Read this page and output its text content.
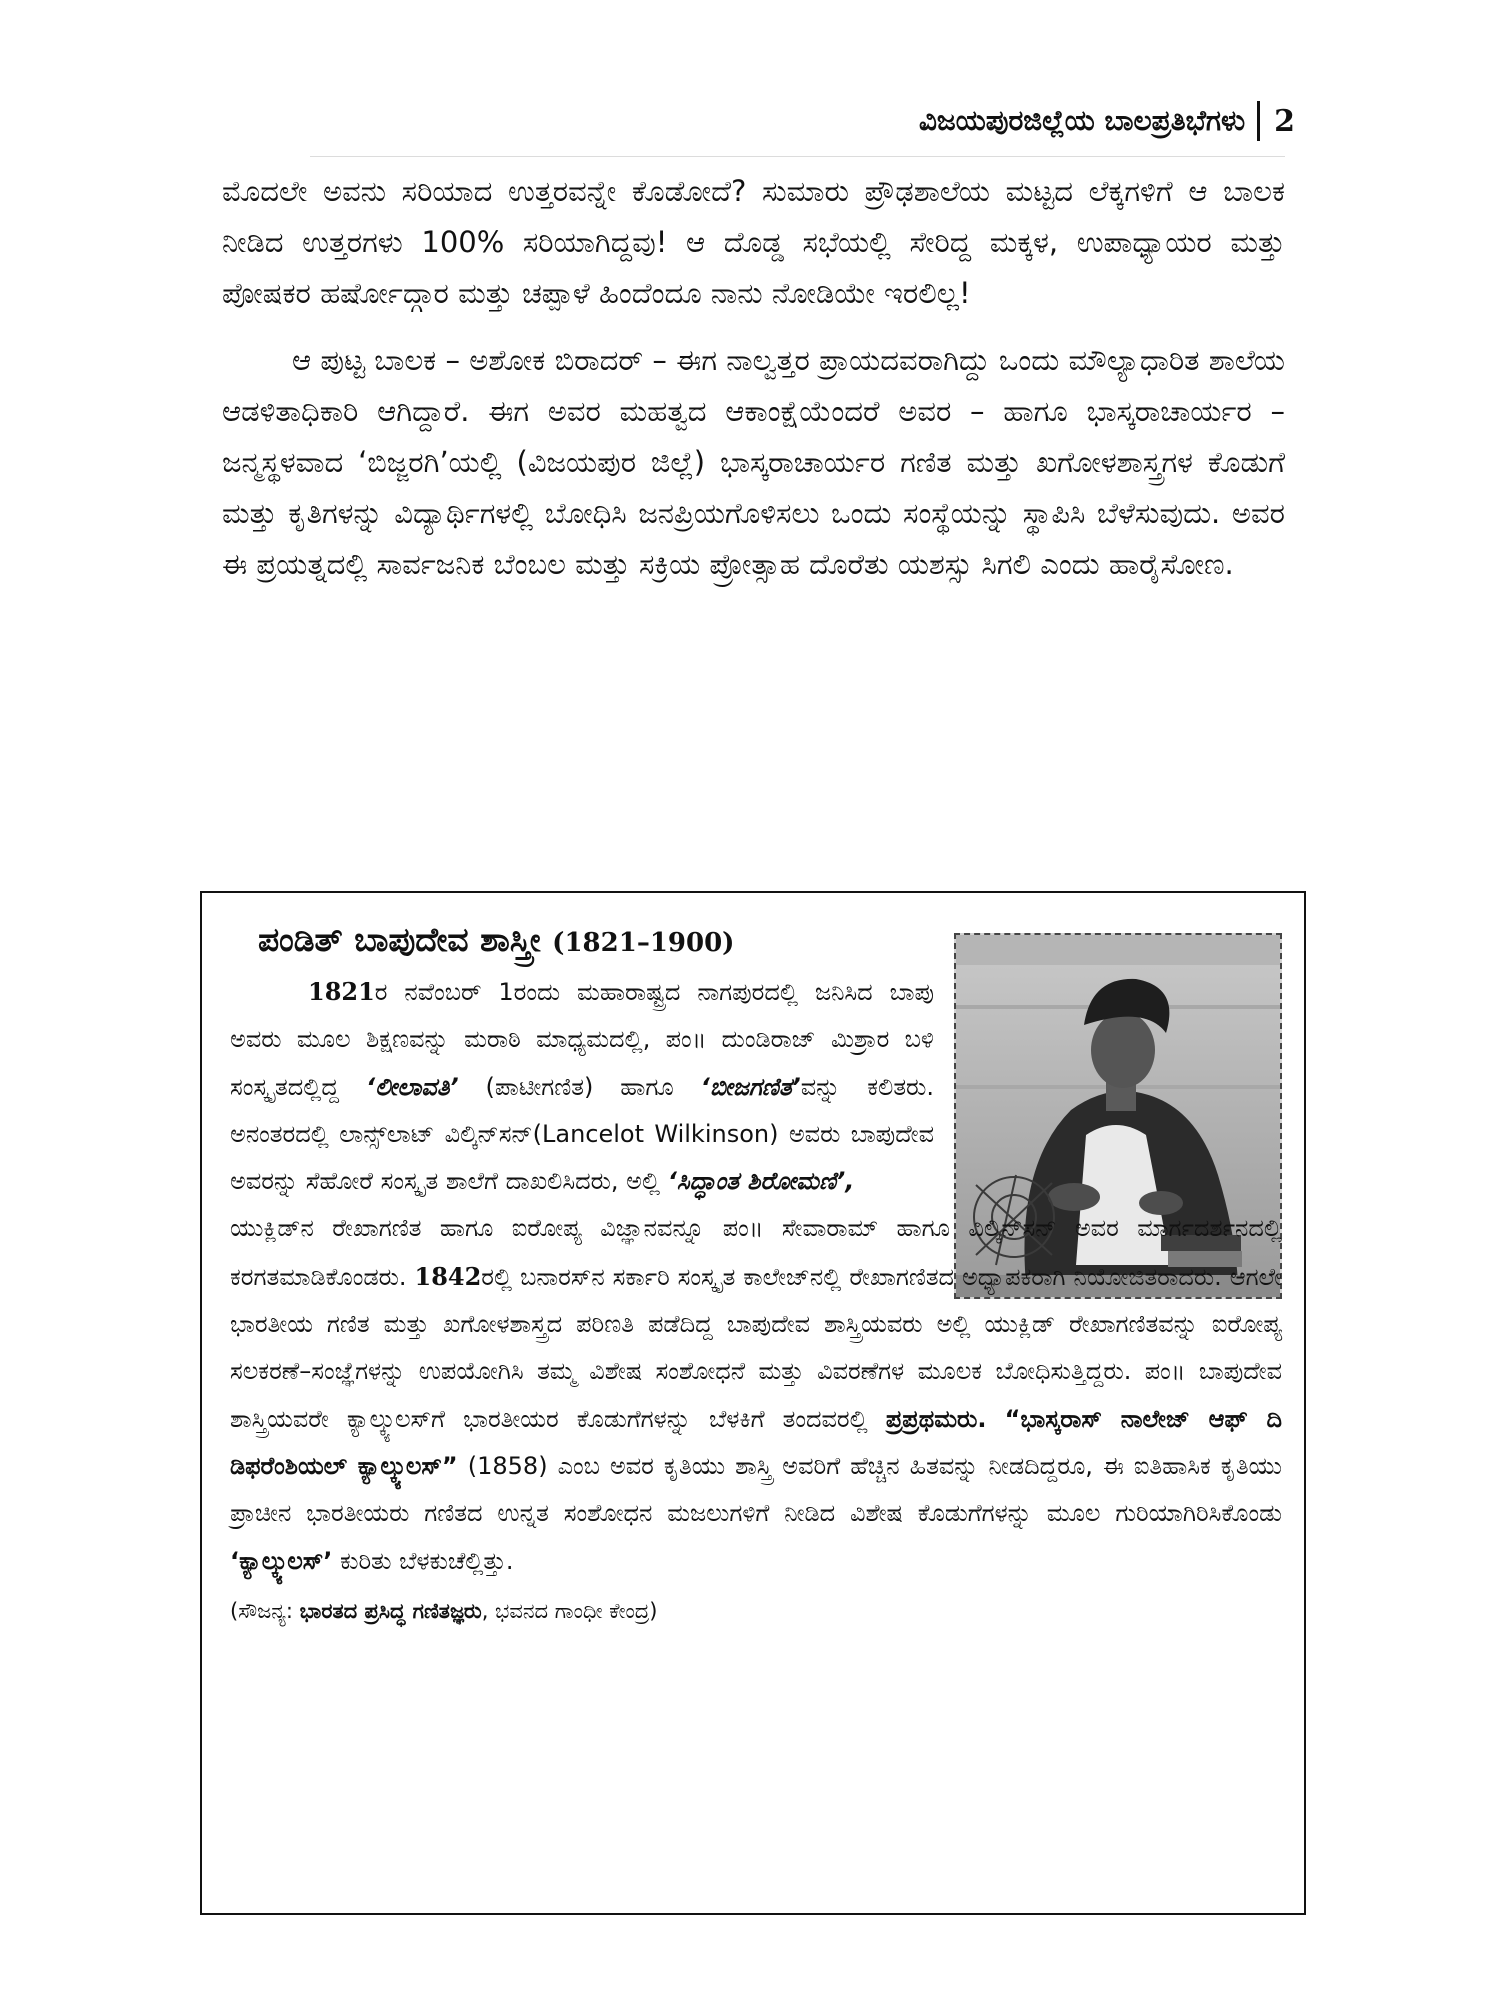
ವಿಜಯಪುರಜಿಲ್ಲೆಯ ಬಾಲಪ್ರತಿಭೆಗಳು 2

ಮೊದಲೇ ಅವನು ಸರಿಯಾದ ಉತ್ತರವನ್ನೇ ಕೊಡೋದೆ? ಸುಮಾರು ಪ್ರೌಢಶಾಲೆಯ ಮಟ್ಟದ ಲೆಕ್ಕಗಳಿಗೆ ಆ ಬಾಲಕ ನೀಡಿದ ಉತ್ತರಗಳು 100% ಸರಿಯಾಗಿದ್ದವು! ಆ ದೊಡ್ಡ ಸಭೆಯಲ್ಲಿ ಸೇರಿದ್ದ ಮಕ್ಕಳ, ಉಪಾಧ್ಯಾಯರ ಮತ್ತು ಪೋಷಕರ ಹರ್ಷೋದ್ಗಾರ ಮತ್ತು ಚಪ್ಪಾಳೆ ಹಿಂದೆಂದೂ ನಾನು ನೋಡಿಯೇ ಇರಲಿಲ್ಲ!

ಆ ಪುಟ್ಟ ಬಾಲಕ – ಅಶೋಕ ಬಿರಾದರ್ – ಈಗ ನಾಲ್ವತ್ತರ ಪ್ರಾಯದವರಾಗಿದ್ದು ಒಂದು ಮೌಲ್ಯಾಧಾರಿತ ಶಾಲೆಯ ಆಡಳಿತಾಧಿಕಾರಿ ಆಗಿದ್ದಾರೆ. ಈಗ ಅವರ ಮಹತ್ವದ ಆಕಾಂಕ್ಷೆಯೆಂದರೆ ಅವರ – ಹಾಗೂ ಭಾಸ್ಕರಾಚಾರ್ಯರ – ಜನ್ಮಸ್ಥಳವಾದ ‘ಬಿಜ್ಜರಗಿ’ಯಲ್ಲಿ (ವಿಜಯಪುರ ಜಿಲ್ಲೆ) ಭಾಸ್ಕರಾಚಾರ್ಯರ ಗಣಿತ ಮತ್ತು ಖಗೋಳಶಾಸ್ತ್ರಗಳ ಕೊಡುಗೆ ಮತ್ತು ಕೃತಿಗಳನ್ನು ವಿದ್ಯಾರ್ಥಿಗಳಲ್ಲಿ ಬೋಧಿಸಿ ಜನಪ್ರಿಯಗೊಳಿಸಲು ಒಂದು ಸಂಸ್ಥೆಯನ್ನು ಸ್ಥಾಪಿಸಿ ಬೆಳೆಸುವುದು. ಅವರ ಈ ಪ್ರಯತ್ನದಲ್ಲಿ ಸಾರ್ವಜನಿಕ ಬೆಂಬಲ ಮತ್ತು ಸಕ್ರಿಯ ಪ್ರೋತ್ಸಾಹ ದೊರೆತು ಯಶಸ್ಸು ಸಿಗಲಿ ಎಂದು ಹಾರೈಸೋಣ.

ಪಂಡಿತ್ ಬಾಪುದೇವ ಶಾಸ್ತ್ರೀ (1821–1900)
1821ರ ನವೆಂಬರ್ 1ರಂದು ಮಹಾರಾಷ್ಟ್ರದ ನಾಗಪುರದಲ್ಲಿ ಜನಿಸಿದ ಬಾಪು ಅವರು ಮೂಲ ಶಿಕ್ಷಣವನ್ನು ಮರಾಠಿ ಮಾಧ್ಯಮದಲ್ಲಿ, ಪಂ॥ ದುಂಡಿರಾಜ್ ಮಿಶ್ರಾರ ಬಳಿ ಸಂಸ್ಕೃತದಲ್ಲಿದ್ದ ‘ಲೀಲಾವತಿ’ (ಪಾಟೀಗಣಿತ) ಹಾಗೂ ‘ಬೀಜಗಣಿತ’ವನ್ನು ಕಲಿತರು. ಅನಂತರದಲ್ಲಿ ಲಾನ್ಸ್‌ಲಾಟ್ ವಿಲ್ಕಿನ್‌ಸನ್(Lancelot Wilkinson) ಅವರು ಬಾಪುದೇವ ಅವರನ್ನು ಸೆಹೋರೆ ಸಂಸ್ಕೃತ ಶಾಲೆಗೆ ದಾಖಲಿಸಿದರು, ಅಲ್ಲಿ ‘ಸಿದ್ಧಾಂತ ಶಿರೋಮಣಿ’,
ಯುಕ್ಲಿಡ್‌ನ ರೇಖಾಗಣಿತ ಹಾಗೂ ಐರೋಪ್ಯ ವಿಜ್ಞಾನವನ್ನೂ ಪಂ॥ ಸೇವಾರಾಮ್ ಹಾಗೂ ವಿಲ್ಕಿನ್‌ಸನ್ ಅವರ ಮಾರ್ಗದರ್ಶನದಲ್ಲಿ ಕರಗತಮಾಡಿಕೊಂಡರು. 1842ರಲ್ಲಿ ಬನಾರಸ್‌ನ ಸರ್ಕಾರಿ ಸಂಸ್ಕೃತ ಕಾಲೇಜ್‌ನಲ್ಲಿ ರೇಖಾಗಣಿತದ ಅಧ್ಯಾಪಕರಾಗಿ ನಿಯೋಜಿತರಾದರು. ಆಗಲೇ ಭಾರತೀಯ ಗಣಿತ ಮತ್ತು ಖಗೋಳಶಾಸ್ತ್ರದ ಪರಿಣತಿ ಪಡೆದಿದ್ದ ಬಾಪುದೇವ ಶಾಸ್ತ್ರಿಯವರು ಅಲ್ಲಿ ಯುಕ್ಲಿಡ್ ರೇಖಾಗಣಿತವನ್ನು ಐರೋಪ್ಯ ಸಲಕರಣೆ–ಸಂಜ್ಞೆಗಳನ್ನು ಉಪಯೋಗಿಸಿ ತಮ್ಮ ವಿಶೇಷ ಸಂಶೋಧನೆ ಮತ್ತು ವಿವರಣೆಗಳ ಮೂಲಕ ಬೋಧಿಸುತ್ತಿದ್ದರು. ಪಂ॥ ಬಾಪುದೇವ ಶಾಸ್ತ್ರಿಯವರೇ ಕ್ಯಾಲ್ಕ್ಯುಲಸ್‌ಗೆ ಭಾರತೀಯರ ಕೊಡುಗೆಗಳನ್ನು ಬೆಳಕಿಗೆ ತಂದವರಲ್ಲಿ ಪ್ರಪ್ರಥಮರು. “ಭಾಸ್ಕರಾಸ್ ನಾಲೇಜ್ ಆಫ್ ದಿ ಡಿಫರೆಂಶಿಯಲ್ ಕ್ಯಾಲ್ಕ್ಯುಲಸ್” (1858) ಎಂಬ ಅವರ ಕೃತಿಯು ಶಾಸ್ತ್ರಿ ಅವರಿಗೆ ಹೆಚ್ಚಿನ ಹಿತವನ್ನು ನೀಡದಿದ್ದರೂ, ಈ ಐತಿಹಾಸಿಕ ಕೃತಿಯು ಪ್ರಾಚೀನ ಭಾರತೀಯರು ಗಣಿತದ ಉನ್ನತ ಸಂಶೋಧನ ಮಜಲುಗಳಿಗೆ ನೀಡಿದ ವಿಶೇಷ ಕೊಡುಗೆಗಳನ್ನು ಮೂಲ ಗುರಿಯಾಗಿರಿಸಿಕೊಂಡು ‘ಕ್ಯಾಲ್ಕ್ಯುಲಸ್’ ಕುರಿತು ಬೆಳಕುಚೆಲ್ಲಿತ್ತು.
(ಸೌಜನ್ಯ: ಭಾರತದ ಪ್ರಸಿದ್ಧ ಗಣಿತಜ್ಞರು, ಭವನದ ಗಾಂಧೀ ಕೇಂದ್ರ)
